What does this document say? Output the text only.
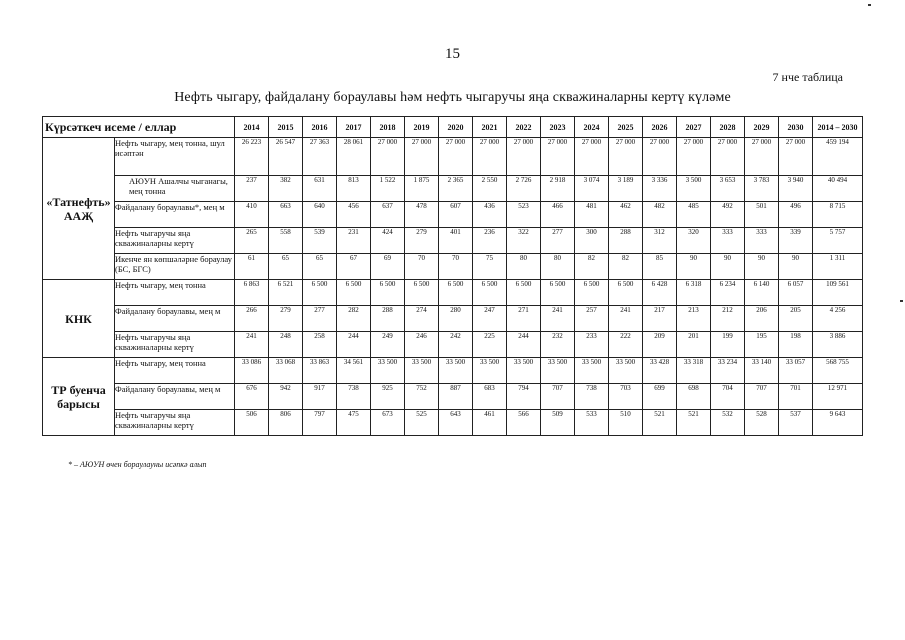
15
7 нче таблица
Нефть чыгару, файдалану бораулавы һәм нефть чыгаручы яңа скважиналарны кертү күләме
Күрсәткеч исеме / еллар		2014	2015	2016	2017	2018	2019	2020	2021	2022	2023	2024	2025	2026	2027	2028	2029	2030	2014 – 2030
«Татнефть» ААҖ	Нефть чыгару, мең тонна, шул исәптән	26 223	26 547	27 363	28 061	27 000	27 000	27 000	27 000	27 000	27 000	27 000	27 000	27 000	27 000	27 000	27 000	27 000	459 194
	АЮУН Ашалчы чыганагы, мең тонна	237	382	631	813	1 522	1 875	2 365	2 550	2 726	2 918	3 074	3 189	3 336	3 500	3 653	3 783	3 940	40 494
	Файдалану бораулавы*, мең м	410	663	640	456	637	478	607	436	523	466	481	462	482	485	492	501	496	8 715
	Нефть чыгаручы яңа скважиналарны кертү	265	558	539	231	424	279	401	236	322	277	300	288	312	320	333	333	339	5 757
	Икенче ян көпшәләрне бораулау (БС, БГС)	61	65	65	67	69	70	70	75	80	80	82	82	85	90	90	90	90	1 311
КНК	Нефть чыгару, мең тонна	6 863	6 521	6 500	6 500	6 500	6 500	6 500	6 500	6 500	6 500	6 500	6 500	6 428	6 318	6 234	6 140	6 057	109 561
	Файдалану бораулавы, мең м	266	279	277	282	288	274	280	247	271	241	257	241	217	213	212	206	205	4 256
	Нефть чыгаручы яңа скважиналарны кертү	241	248	258	244	249	246	242	225	244	232	233	222	209	201	199	195	198	3 886
ТР буенча барысы	Нефть чыгару, мең тонна	33 086	33 068	33 863	34 561	33 500	33 500	33 500	33 500	33 500	33 500	33 500	33 500	33 428	33 318	33 234	33 140	33 057	568 755
	Файдалану бораулавы, мең м	676	942	917	738	925	752	887	683	794	707	738	703	699	698	704	707	701	12 971
	Нефть чыгаручы яңа скважиналарны кертү	506	806	797	475	673	525	643	461	566	509	533	510	521	521	532	528	537	9 643
* – АЮУН өчен бораулауны исәпкә алып
